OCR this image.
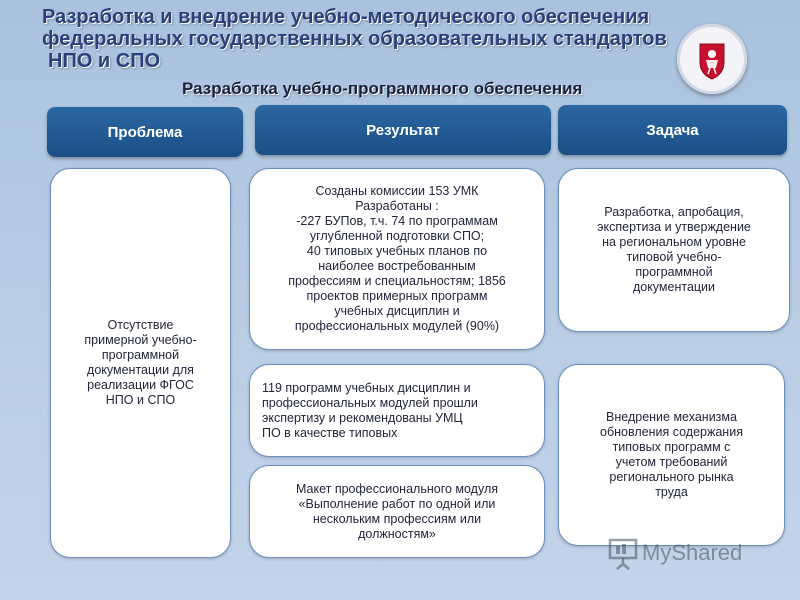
Разработка и внедрение учебно-методического обеспечения
федеральных государственных образовательных стандартов
НПО и СПО
Разработка учебно-программного обеспечения
Проблема	Результат	Задача
Отсутствие
примерной учебно-
программной
документации для
реализации ФГОС
НПО и СПО
Созданы комиссии 153 УМК
Разработаны :
-227 БУПов, т.ч. 74 по программам
углубленной подготовки СПО;
40 типовых учебных планов по
наиболее востребованным
профессиям и специальностям; 1856
проектов примерных программ
учебных дисциплин и
профессиональных модулей (90%)
119 программ учебных дисциплин и
профессиональных модулей прошли
экспертизу и рекомендованы УМЦ
ПО в качестве типовых
Макет профессионального модуля
«Выполнение работ по одной или
нескольким профессиям или
должностям»
Разработка, апробация,
экспертиза и утверждение
на региональном уровне
типовой учебно-
программной
документации
Внедрение механизма
обновления содержания
типовых программ с
учетом требований
регионального рынка
труда
MyShared
